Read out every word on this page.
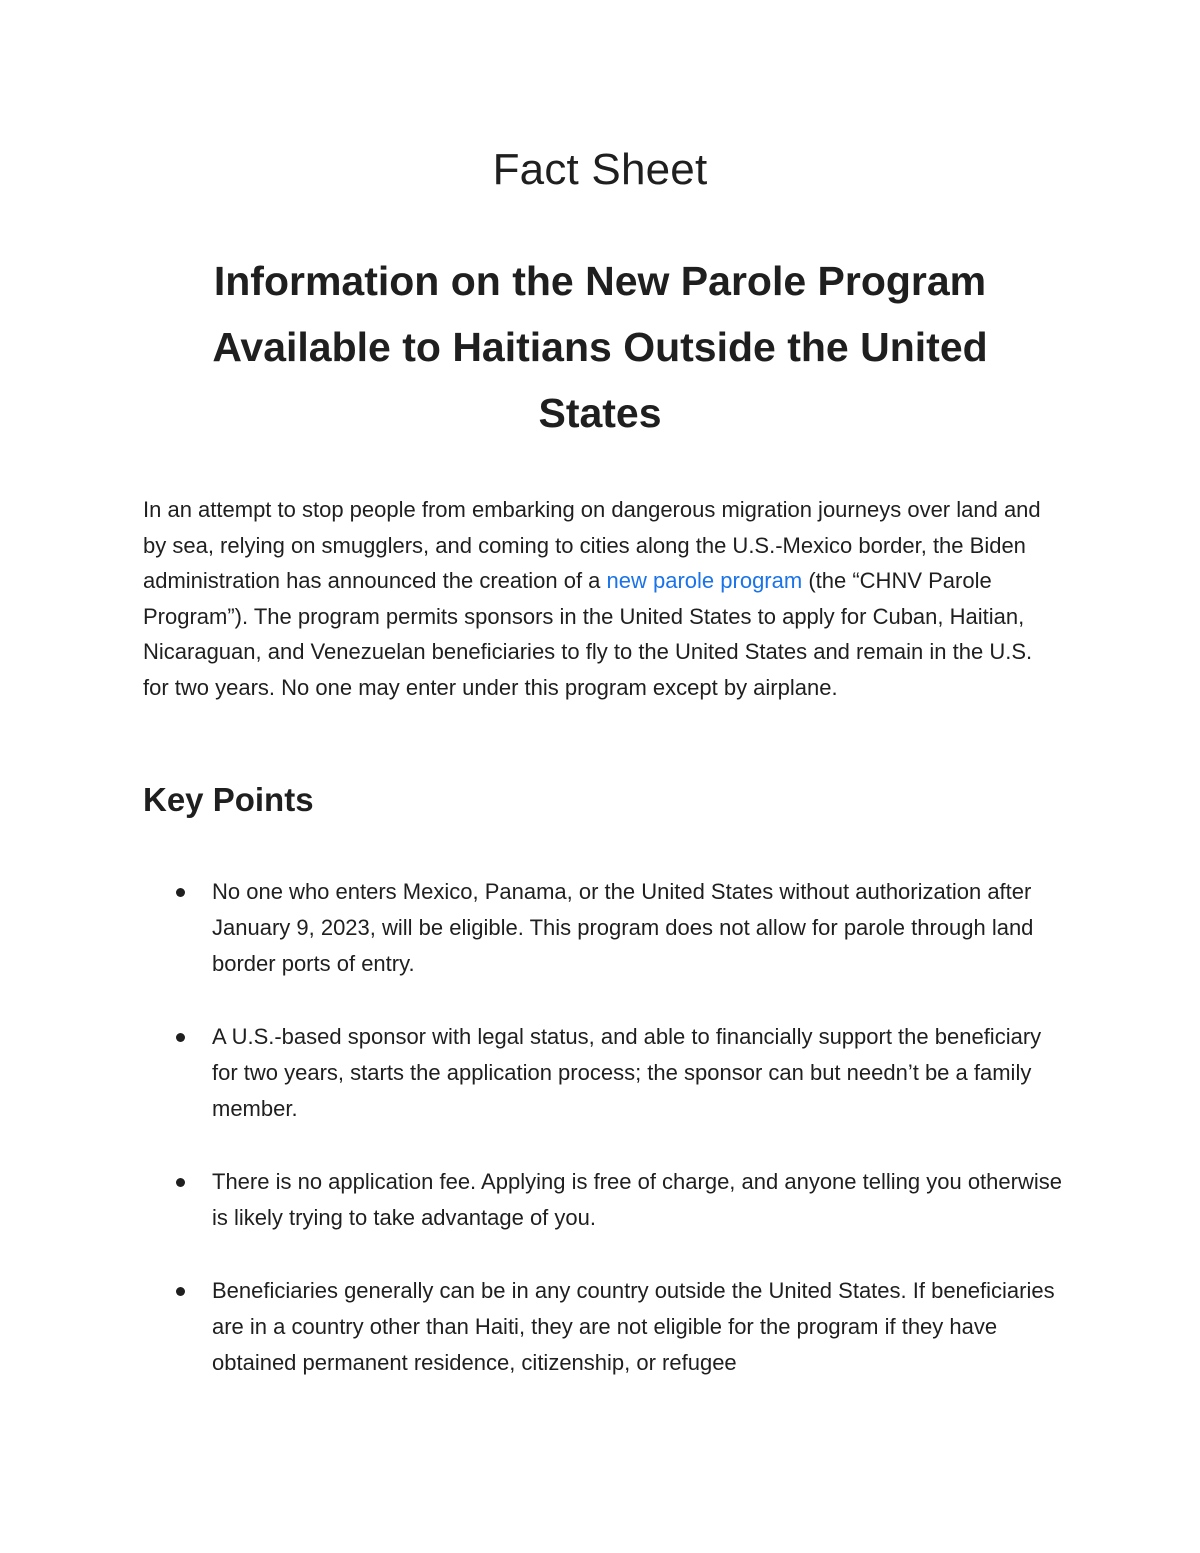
Fact Sheet
Information on the New Parole Program Available to Haitians Outside the United States

In an attempt to stop people from embarking on dangerous migration journeys over land and by sea, relying on smugglers, and coming to cities along the U.S.-Mexico border, the Biden administration has announced the creation of a new parole program (the “CHNV Parole Program”). The program permits sponsors in the United States to apply for Cuban, Haitian, Nicaraguan, and Venezuelan beneficiaries to fly to the United States and remain in the U.S. for two years. No one may enter under this program except by airplane.

Key Points
No one who enters Mexico, Panama, or the United States without authorization after January 9, 2023, will be eligible. This program does not allow for parole through land border ports of entry.
A U.S.-based sponsor with legal status, and able to financially support the beneficiary for two years, starts the application process; the sponsor can but needn’t be a family member.
There is no application fee. Applying is free of charge, and anyone telling you otherwise is likely trying to take advantage of you.
Beneficiaries generally can be in any country outside the United States. If beneficiaries are in a country other than Haiti, they are not eligible for the program if they have obtained permanent residence, citizenship, or refugee
